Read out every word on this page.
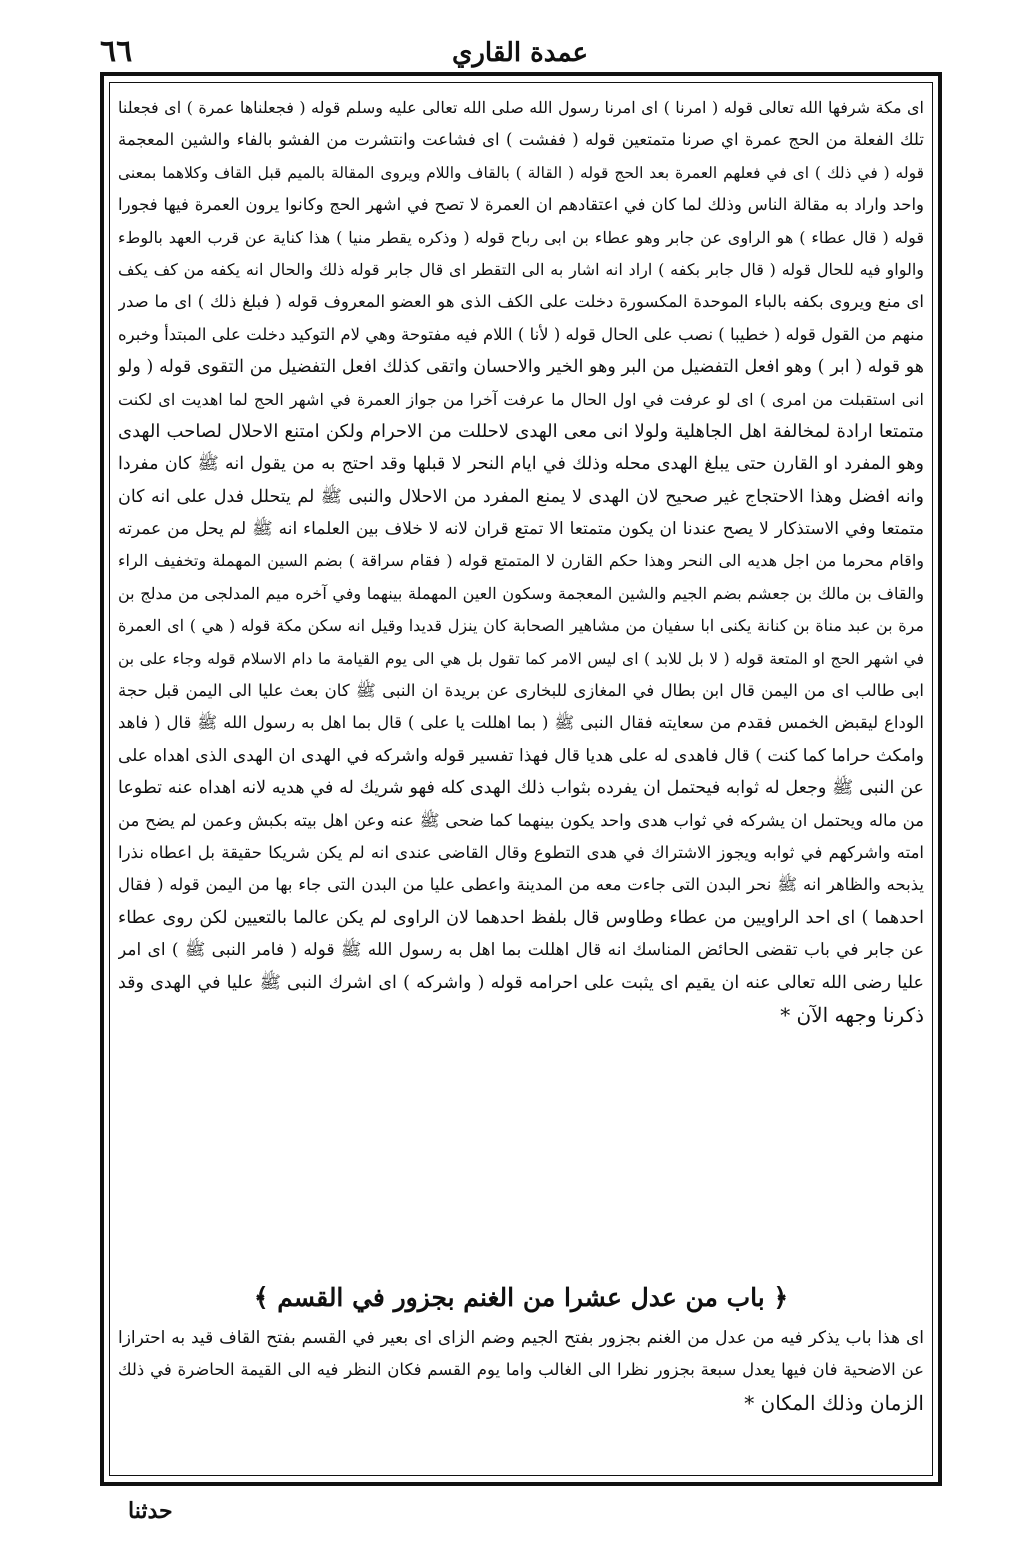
٦٦	عمدة القاري
اى مكة شرفها الله تعالى قوله ( امرنا ) اى امرنا رسول الله صلى الله تعالى عليه وسلم قوله ( فجعلناها عمرة ) اى فجعلنا
تلك الفعلة من الحج عمرة اي صرنا متمتعين قوله ( ففشت ) اى فشاعت وانتشرت من الفشو بالفاء والشين المعجمة
قوله ( في ذلك ) اى في فعلهم العمرة بعد الحج قوله ( القالة ) بالقاف واللام ويروى المقالة بالميم قبل القاف وكلاهما بمعنى
واحد واراد به مقالة الناس وذلك لما كان في اعتقادهم ان العمرة لا تصح في اشهر الحج وكانوا يرون العمرة فيها فجورا
قوله ( قال عطاء ) هو الراوى عن جابر وهو عطاء بن ابى رباح قوله ( وذكره يقطر منيا ) هذا كناية عن قرب العهد بالوطء
والواو فيه للحال قوله ( قال جابر بكفه ) اراد انه اشار به الى التقطر اى قال جابر قوله ذلك والحال انه يكفه من كف يكف
اى منع ويروى بكفه بالباء الموحدة المكسورة دخلت على الكف الذى هو العضو المعروف قوله ( فبلغ ذلك ) اى ما صدر
منهم من القول قوله ( خطيبا ) نصب على الحال قوله ( لأنا ) اللام فيه مفتوحة وهي لام التوكيد دخلت على المبتدأ وخبره
هو قوله ( ابر ) وهو افعل التفضيل من البر وهو الخير والاحسان واتقى كذلك افعل التفضيل من التقوى قوله ( ولو
انى استقبلت من امرى ) اى لو عرفت في اول الحال ما عرفت آخرا من جواز العمرة في اشهر الحج لما اهديت اى لكنت
متمتعا ارادة لمخالفة اهل الجاهلية ولولا انى معى الهدى لاحللت من الاحرام ولكن امتنع الاحلال لصاحب الهدى
وهو المفرد او القارن حتى يبلغ الهدى محله وذلك في ايام النحر لا قبلها وقد احتج به من يقول انه ﷺ كان مفردا
وانه افضل وهذا الاحتجاج غير صحيح لان الهدى لا يمنع المفرد من الاحلال والنبى ﷺ لم يتحلل فدل على انه كان
متمتعا وفي الاستذكار لا يصح عندنا ان يكون متمتعا الا تمتع قران لانه لا خلاف بين العلماء انه ﷺ لم يحل من عمرته
واقام محرما من اجل هديه الى النحر وهذا حكم القارن لا المتمتع قوله ( فقام سراقة ) بضم السين المهملة وتخفيف الراء
والقاف بن مالك بن جعشم بضم الجيم والشين المعجمة وسكون العين المهملة بينهما وفي آخره ميم المدلجى من مدلج بن
مرة بن عبد مناة بن كنانة يكنى ابا سفيان من مشاهير الصحابة كان ينزل قديدا وقيل انه سكن مكة قوله ( هي ) اى العمرة
في اشهر الحج او المتعة قوله ( لا بل للابد ) اى ليس الامر كما تقول بل هي الى يوم القيامة ما دام الاسلام قوله وجاء على بن
ابى طالب اى من اليمن قال ابن بطال في المغازى للبخارى عن بريدة ان النبى ﷺ كان بعث عليا الى اليمن قبل حجة
الوداع ليقبض الخمس فقدم من سعايته فقال النبى ﷺ ( بما اهللت يا على ) قال بما اهل به رسول الله ﷺ قال ( فاهد
وامكث حراما كما كنت ) قال فاهدى له على هديا قال فهذا تفسير قوله واشركه في الهدى ان الهدى الذى اهداه على
عن النبى ﷺ وجعل له ثوابه فيحتمل ان يفرده بثواب ذلك الهدى كله فهو شريك له في هديه لانه اهداه عنه تطوعا
من ماله ويحتمل ان يشركه في ثواب هدى واحد يكون بينهما كما ضحى ﷺ عنه وعن اهل بيته بكبش وعمن لم يضح من
امته واشركهم في ثوابه ويجوز الاشتراك في هدى التطوع وقال القاضى عندى انه لم يكن شريكا حقيقة بل اعطاه نذرا
يذبحه والظاهر انه ﷺ نحر البدن التى جاءت معه من المدينة واعطى عليا من البدن التى جاء بها من اليمن قوله ( فقال
احدهما ) اى احد الراويين من عطاء وطاوس قال بلفظ احدهما لان الراوى لم يكن عالما بالتعيين لكن روى عطاء
عن جابر في باب تقضى الحائض المناسك انه قال اهللت بما اهل به رسول الله ﷺ قوله ( فامر النبى ﷺ ) اى امر
عليا رضى الله تعالى عنه ان يقيم اى يثبت على احرامه قوله ( واشركه ) اى اشرك النبى ﷺ عليا في الهدى وقد
ذكرنا وجهه الآن *
﴿ باب من عدل عشرا من الغنم بجزور في القسم ﴾
اى هذا باب يذكر فيه من عدل من الغنم بجزور بفتح الجيم وضم الزاى اى بعير في القسم بفتح القاف قيد به احترازا
عن الاضحية فان فيها يعدل سبعة بجزور نظرا الى الغالب واما يوم القسم فكان النظر فيه الى القيمة الحاضرة في ذلك
الزمان وذلك المكان *
حدثنا
